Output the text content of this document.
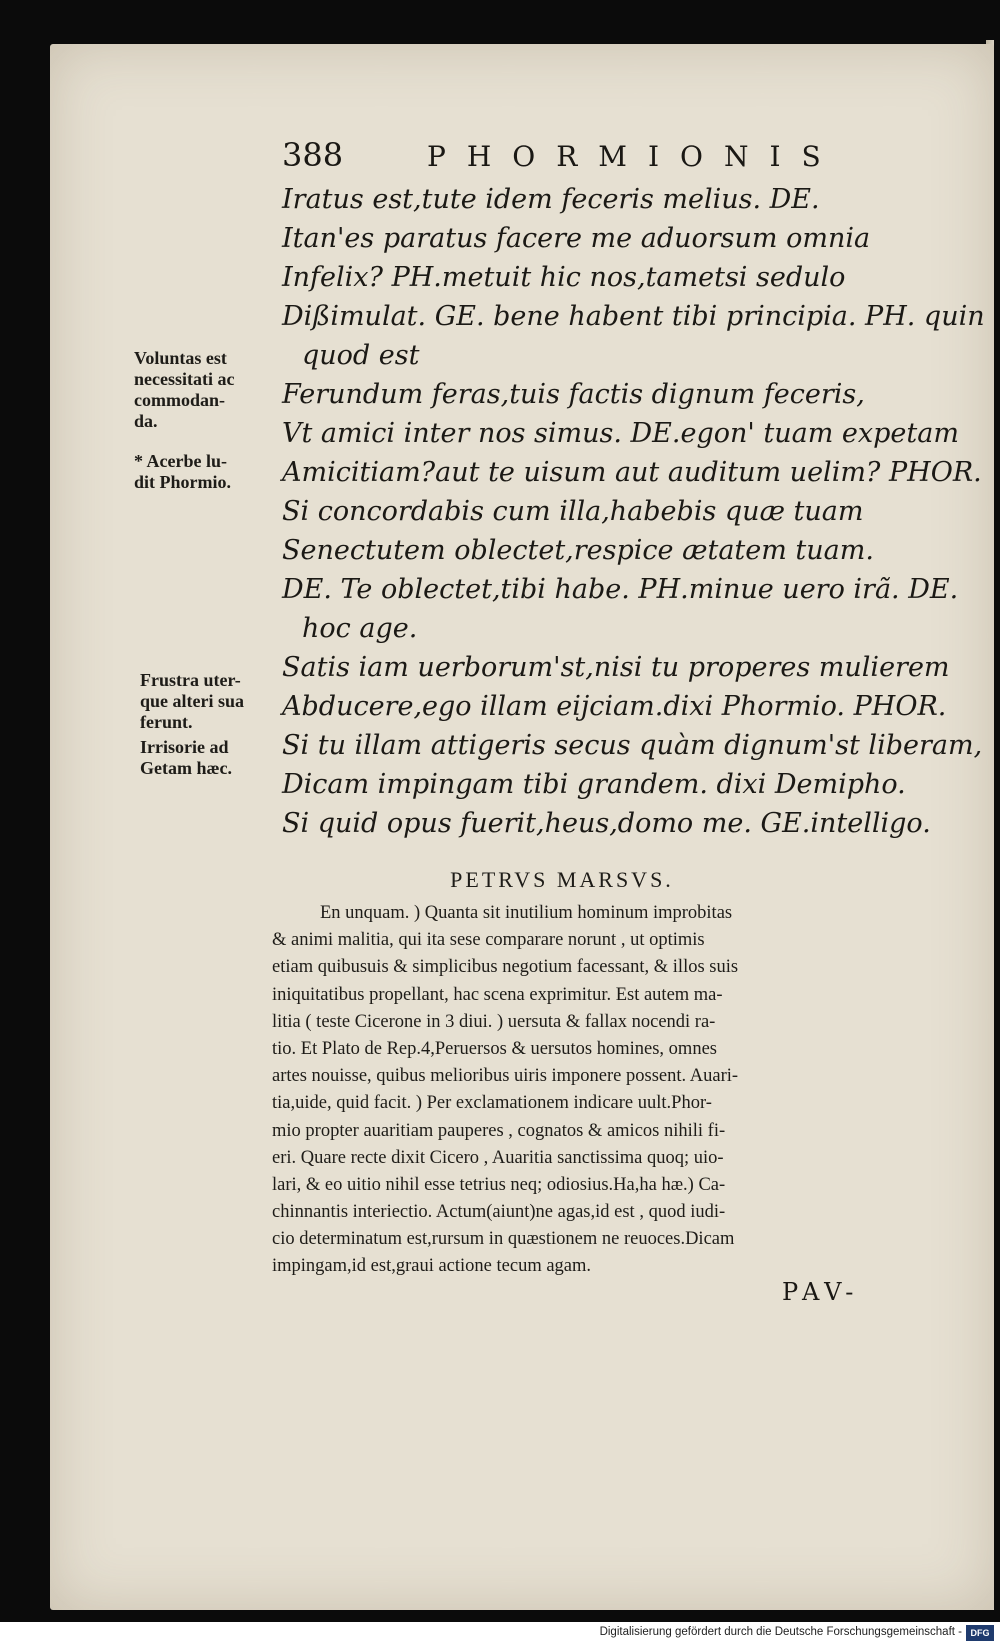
388	PHORMIONIS
Iratus est,tute idem feceris melius. DE.
Itan'es paratus facere me aduorsum omnia
Infelix? PH.metuit hic nos,tametsi sedulo
Dißimulat. GE. bene habent tibi principia. PH. quin
quod est
Ferundum feras,tuis factis dignum feceris,
Vt amici inter nos simus. DE.egon' tuam expetam
Amicitiam?aut te uisum aut auditum uelim? PHOR.
Si concordabis cum illa,habebis quæ tuam
Senectutem oblectet,respice ætatem tuam.
DE. Te oblectet,tibi habe. PH.minue uero irã. DE.
hoc age.
Satis iam uerborum'st,nisi tu properes mulierem
Abducere,ego illam eijciam.dixi Phormio. PHOR.
Si tu illam attigeris secus quàm dignum'st liberam,
Dicam impingam tibi grandem. dixi Demipho.
Si quid opus fuerit,heus,domo me. GE.intelligo.
Voluntas est
necessitati ac
commodan-
da.
* Acerbe lu-
dit Phormio.
Frustra uter-
que alteri sua
ferunt.
Irrisorie ad
Getam hæc.
PETRVS MARSVS.
En unquam. ) Quanta sit inutilium hominum improbitas
& animi malitia, qui ita sese comparare norunt , ut optimis
etiam quibusuis & simplicibus negotium facessant, & illos suis
iniquitatibus propellant, hac scena exprimitur. Est autem ma-
litia ( teste Cicerone in 3 diui. ) uersuta & fallax nocendi ra-
tio. Et Plato de Rep.4,Peruersos & uersutos homines, omnes
artes nouisse, quibus melioribus uiris imponere possent. Auari-
tia,uide, quid facit. ) Per exclamationem indicare uult.Phor-
mio propter auaritiam pauperes , cognatos & amicos nihili fi-
eri. Quare recte dixit Cicero , Auaritia sanctissima quoq; uio-
lari, & eo uitio nihil esse tetrius neq; odiosius.Ha,ha hæ.) Ca-
chinnantis interiectio. Actum(aiunt)ne agas,id est , quod iudi-
cio determinatum est,rursum in quæstionem ne reuoces.Dicam
impingam,id est,graui actione tecum agam.
PAV-
Digitalisierung gefördert durch die Deutsche Forschungsgemeinschaft - DFG
